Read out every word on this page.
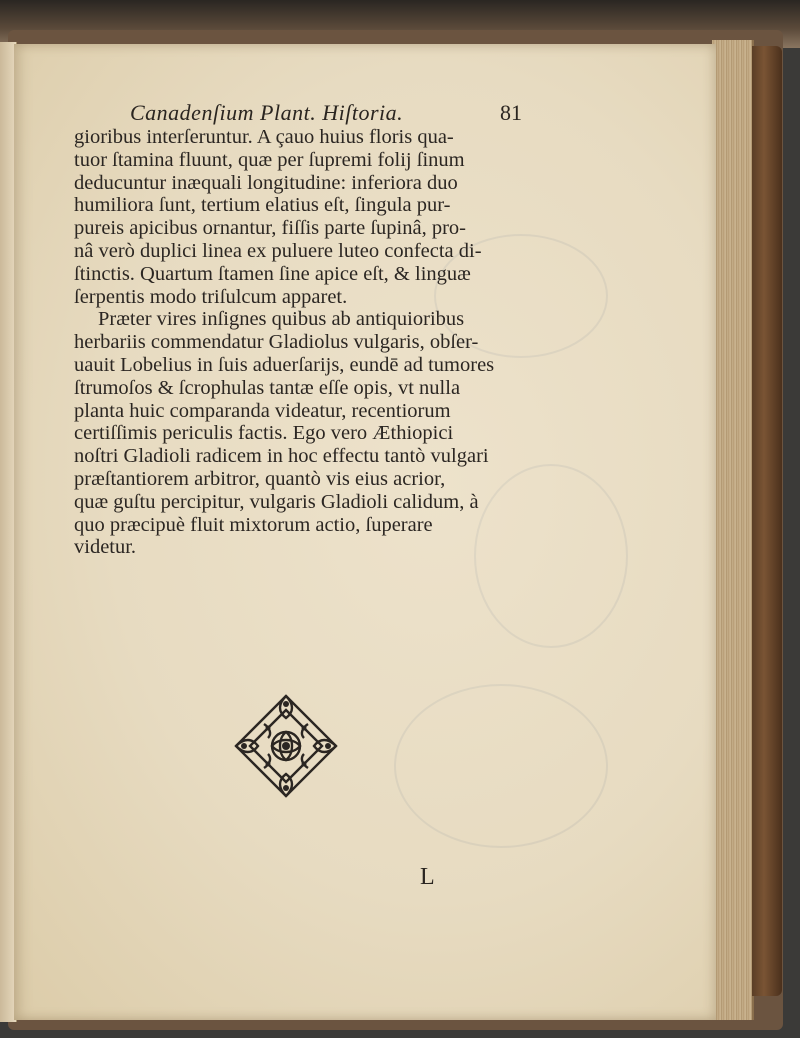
Canadenſium Plant. Hiſtoria.	81
gioribus interſeruntur. A çauo huius floris qua-
tuor ſtamina fluunt, quæ per ſupremi folij ſinum
deducuntur inæquali longitudine: inferiora duo
humiliora ſunt, tertium elatius eſt, ſingula pur-
pureis apicibus ornantur, fiſſis parte ſupinâ, pro-
nâ verò duplici linea ex puluere luteo confecta di-
ſtinctis. Quartum ſtamen ſine apice eſt, & linguæ
ſerpentis modo triſulcum apparet.
Præter vires inſignes quibus ab antiquioribus
herbariis commendatur Gladiolus vulgaris, obſer-
uauit Lobelius in ſuis aduerſarijs, eundē ad tumores
ſtrumoſos & ſcrophulas tantæ eſſe opis, vt nulla
planta huic comparanda videatur, recentiorum
certiſſimis periculis factis. Ego vero Æthiopici
noſtri Gladioli radicem in hoc effectu tantò vulgari
præſtantiorem arbitror, quantò vis eius acrior,
quæ guſtu percipitur, vulgaris Gladioli calidum, à
quo præcipuè fluit mixtorum actio, ſuperare
videtur.
L
